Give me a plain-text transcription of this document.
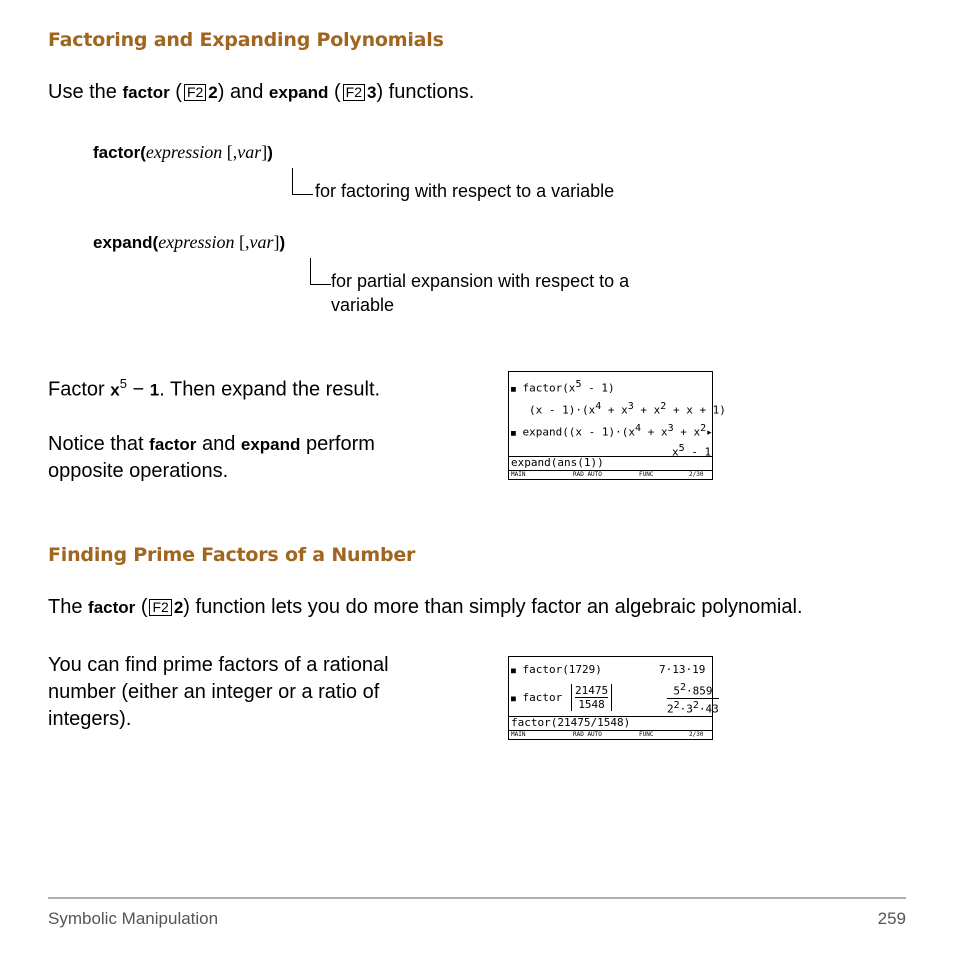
Factoring and Expanding Polynomials
Use the factor ( F2 2) and expand ( F2 3) functions.
factor(expression [,var])
for factoring with respect to a variable
expand(expression [,var])
for partial expansion with respect to a
variable
Factor $x^5 - 1$. Then expand the result.
Notice that factor and expand perform
opposite operations.
■ $factor(x^5 - 1)$
$(x - 1)\cdot(x^4 + x^3 + x^2 + x + 1)$
■ expand((x - $1)\cdot(x^4 + x^3$ + $x^2▸$
$x^5 - 1$
expand(ans(1))
MAIN	RAD AUTO	FUNC	2/30
Finding Prime Factors of a Number
The factor ( F2 2) function lets you do more than simply factor an algebraic polynomial.
You can find prime factors of a rational
number (either an integer or a ratio of
integers).
■ factor(1729)	7·13·19
■ factor $\frac{21475}{1548}$	$\frac{5^2\cdot 859}{2^2\cdot 3^2\cdot 43}$
factor(21475/1548)
MAIN	RAD AUTO	FUNC	2/30
Symbolic Manipulation	259
